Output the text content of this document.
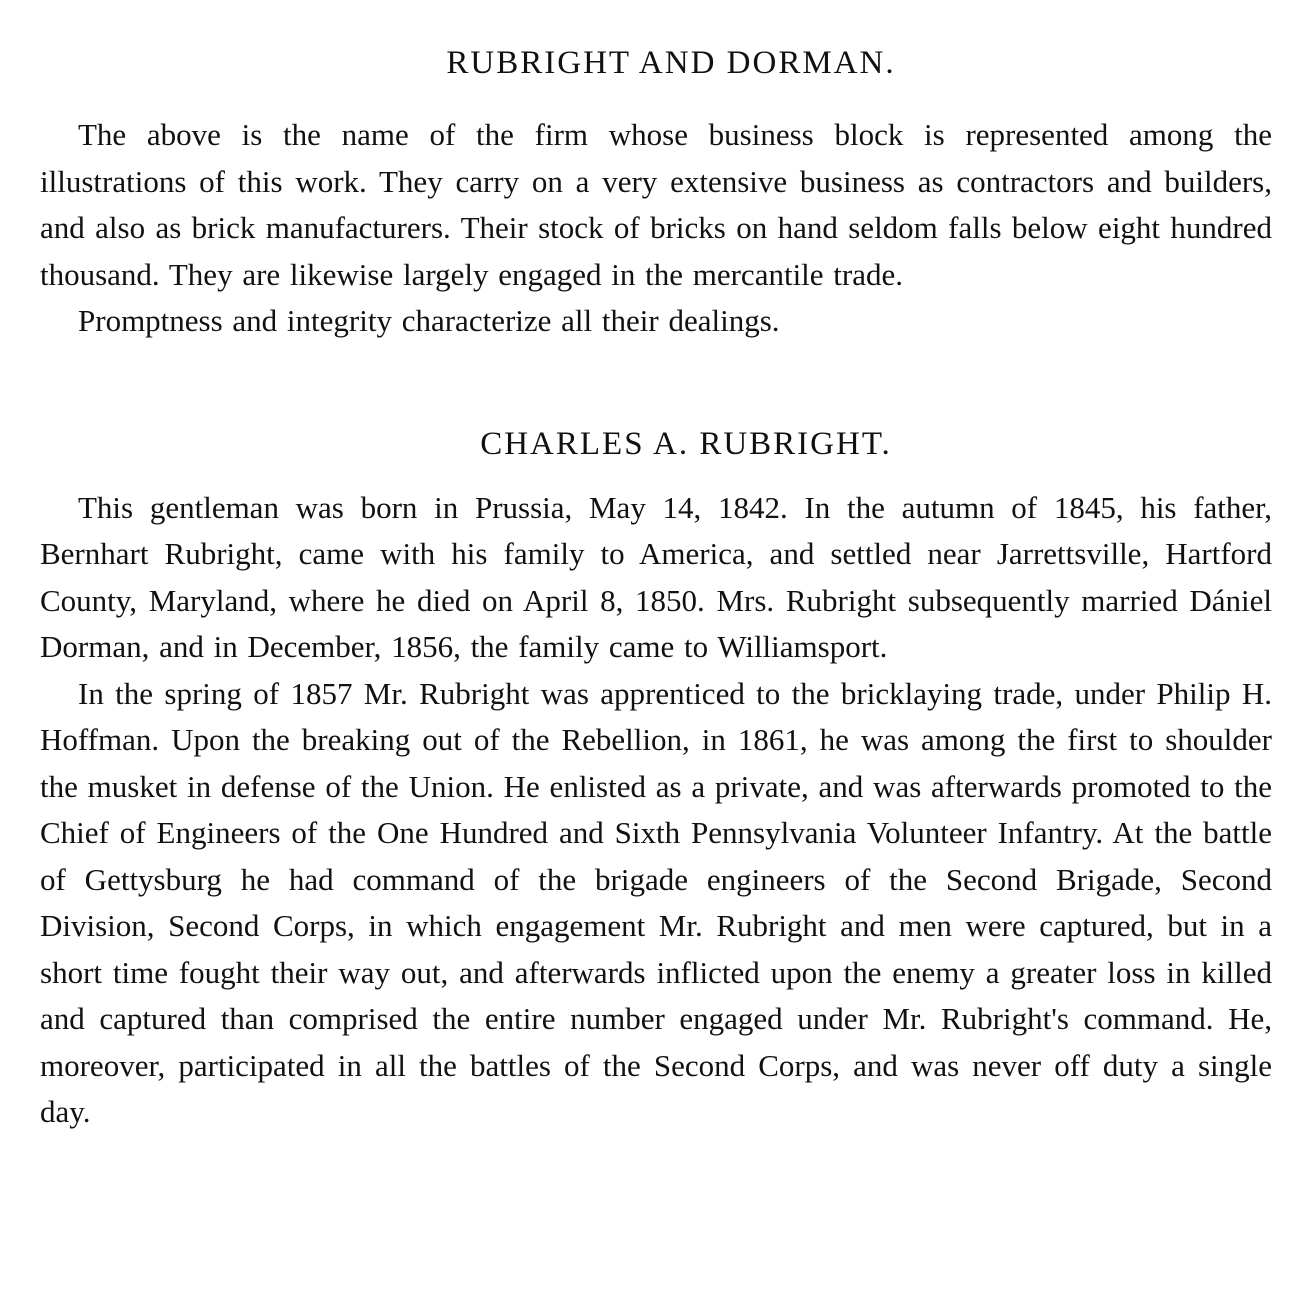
RUBRIGHT AND DORMAN.

The above is the name of the firm whose business block is represented among the illustrations of this work. They carry on a very extensive business as contractors and builders, and also as brick manufacturers. Their stock of bricks on hand seldom falls below eight hundred thousand. They are likewise largely engaged in the mercantile trade.

Promptness and integrity characterize all their dealings.

CHARLES A. RUBRIGHT.

This gentleman was born in Prussia, May 14, 1842. In the autumn of 1845, his father, Bernhart Rubright, came with his family to America, and settled near Jarrettsville, Hartford County, Maryland, where he died on April 8, 1850. Mrs. Rubright subsequently married Dániel Dorman, and in December, 1856, the family came to Williamsport.

In the spring of 1857 Mr. Rubright was apprenticed to the bricklaying trade, under Philip H. Hoffman. Upon the breaking out of the Rebellion, in 1861, he was among the first to shoulder the musket in defense of the Union. He enlisted as a private, and was afterwards promoted to the Chief of Engineers of the One Hundred and Sixth Pennsylvania Volunteer Infantry. At the battle of Gettysburg he had command of the brigade engineers of the Second Brigade, Second Division, Second Corps, in which engagement Mr. Rubright and men were captured, but in a short time fought their way out, and afterwards inflicted upon the enemy a greater loss in killed and captured than comprised the entire number engaged under Mr. Rubright's command. He, moreover, participated in all the battles of the Second Corps, and was never off duty a single day.
